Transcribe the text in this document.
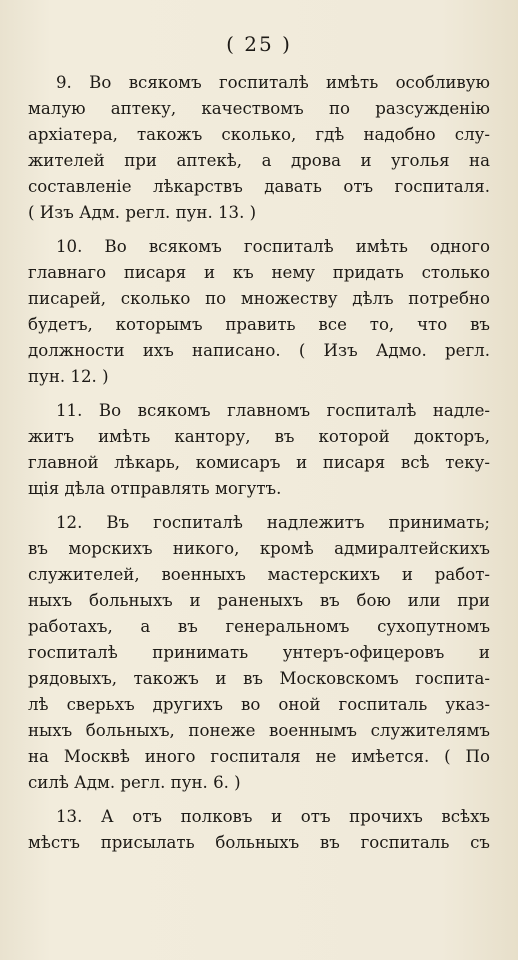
( 25 )
9. Во всякомъ госпиталѣ имѣть особливую
малую аптеку, качествомъ по разсужденію
архіатера, такожъ сколько, гдѣ надобно слу-
жителей при аптекѣ, а дрова и уголья на
составленіе лѣкарствъ давать отъ госпиталя.
( Изъ Адм. регл. пун. 13. )
10. Во всякомъ госпиталѣ имѣть одного
главнаго писаря и къ нему придать столько
писарей, сколько по множеству дѣлъ потребно
будетъ, которымъ править все то, что въ
должности ихъ написано. ( Изъ Адмо. регл.
пун. 12. )
11. Во всякомъ главномъ госпиталѣ надле-
житъ имѣть кантору, въ которой докторъ,
главной лѣкарь, комисаръ и писаря всѣ теку-
щія дѣла отправлять могутъ.
12. Въ госпиталѣ надлежитъ принимать;
въ морскихъ никого, кромѣ адмиралтейскихъ
служителей, военныхъ мастерскихъ и работ-
ныхъ больныхъ и раненыхъ въ бою или при
работахъ, а въ генеральномъ сухопутномъ
госпиталѣ принимать унтеръ-офицеровъ и
рядовыхъ, такожъ и въ Московскомъ госпита-
лѣ сверьхъ другихъ во оной госпиталь указ-
ныхъ больныхъ, понеже военнымъ служителямъ
на Москвѣ иного госпиталя не имѣется. ( По
силѣ Адм. регл. пун. 6. )
13. А отъ полковъ и отъ прочихъ всѣхъ
мѣстъ присылать больныхъ въ госпиталь съ
